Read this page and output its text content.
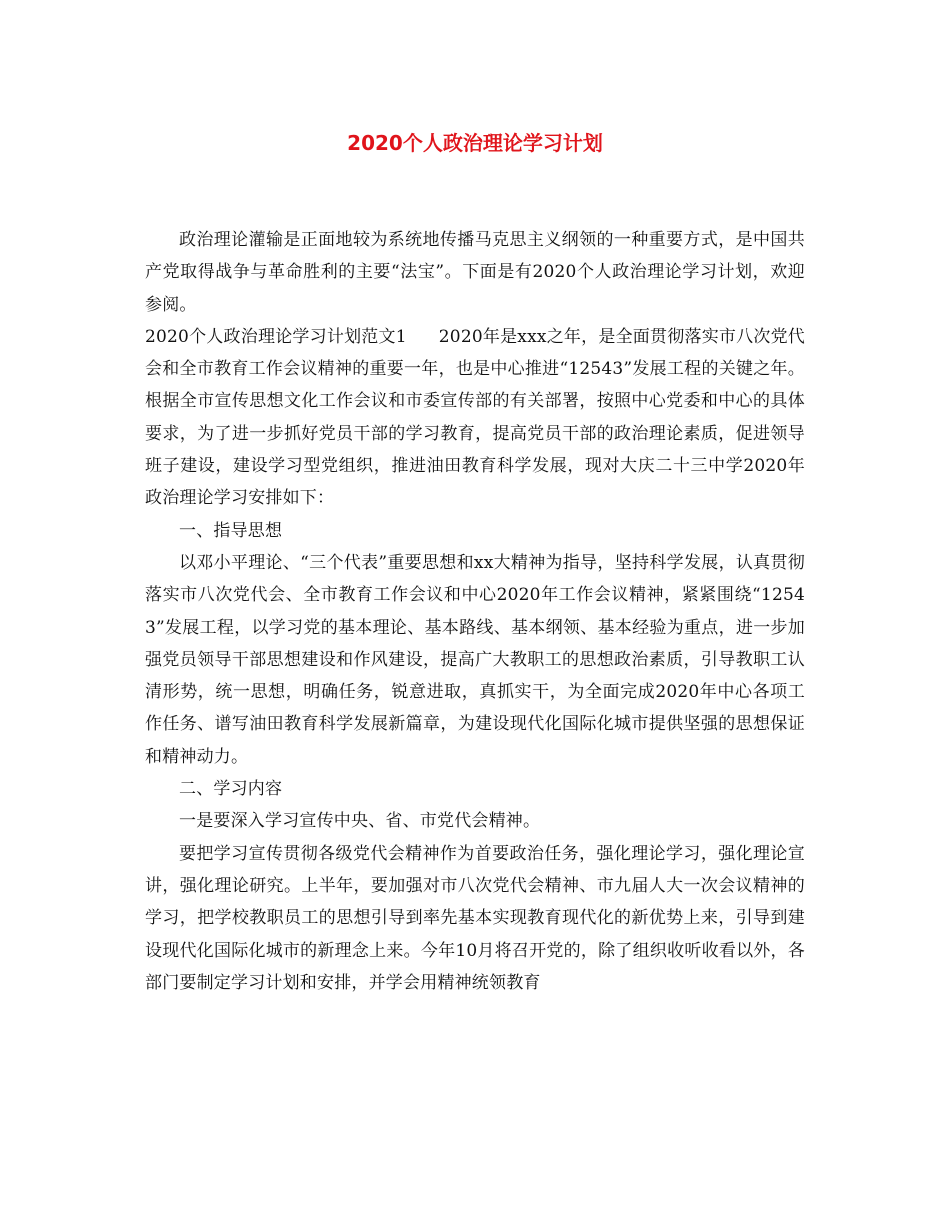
2020个人政治理论学习计划

政治理论灌输是正面地较为系统地传播马克思主义纲领的一种重要方式，是中国共产党取得战争与革命胜利的主要“法宝”。下面是有2020个人政治理论学习计划，欢迎参阅。

2020个人政治理论学习计划范文1 2020年是xxx之年，是全面贯彻落实市八次党代会和全市教育工作会议精神的重要一年，也是中心推进“12543”发展工程的关键之年。根据全市宣传思想文化工作会议和市委宣传部的有关部署，按照中心党委和中心的具体要求，为了进一步抓好党员干部的学习教育，提高党员干部的政治理论素质，促进领导班子建设，建设学习型党组织，推进油田教育科学发展，现对大庆二十三中学2020年政治理论学习安排如下：

一、指导思想

以邓小平理论、“三个代表”重要思想和xx大精神为指导，坚持科学发展，认真贯彻落实市八次党代会、全市教育工作会议和中心2020年工作会议精神，紧紧围绕“12543”发展工程，以学习党的基本理论、基本路线、基本纲领、基本经验为重点，进一步加强党员领导干部思想建设和作风建设，提高广大教职工的思想政治素质，引导教职工认清形势，统一思想，明确任务，锐意进取，真抓实干，为全面完成2020年中心各项工作任务、谱写油田教育科学发展新篇章，为建设现代化国际化城市提供坚强的思想保证和精神动力。

二、学习内容

一是要深入学习宣传中央、省、市党代会精神。

要把学习宣传贯彻各级党代会精神作为首要政治任务，强化理论学习，强化理论宣讲，强化理论研究。上半年，要加强对市八次党代会精神、市九届人大一次会议精神的学习，把学校教职员工的思想引导到率先基本实现教育现代化的新优势上来，引导到建设现代化国际化城市的新理念上来。今年10月将召开党的，除了组织收听收看以外，各部门要制定学习计划和安排，并学会用精神统领教育
